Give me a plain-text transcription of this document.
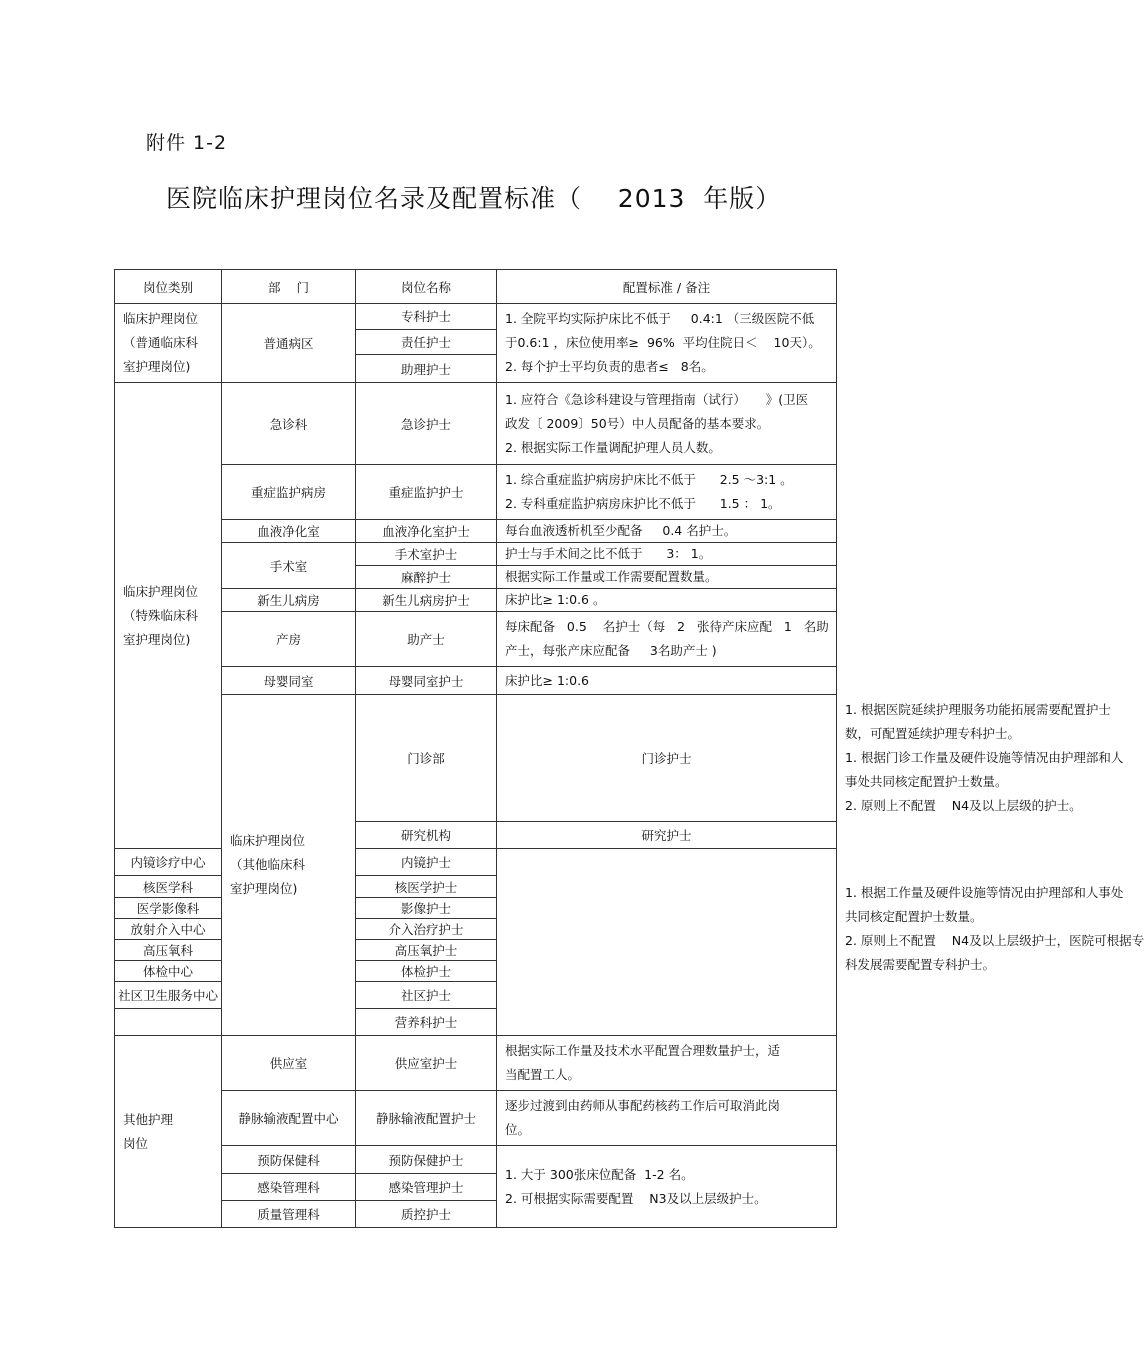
附件 1-2
医院临床护理岗位名录及配置标准（    2013  年版）
岗位类别	部    门	岗位名称	配置标准 / 备注	

临床护理岗位
（普通临床科
室护理岗位)	普通病区	专科护士	1. 全院平均实际护床比不低于     0.4:1 （三级医院不低
于0.6:1 ，床位使用率≥  96%  平均住院日＜    10天）。
2. 每个护士平均负责的患者≤   8名。	

		责任护士		
		助理护士		

临床护理岗位
（特殊临床科
室护理岗位)	急诊科	急诊护士	1. 应符合《急诊科建设与管理指南（试行）     》(卫医
政发〔 2009〕50号）中人员配备的基本要求。
2. 根据实际工作量调配护理人员人数。	

	重症监护病房	重症监护护士	1. 综合重症监护病房护床比不低于      2.5 ～3:1 。
2. 专科重症监护病房床护比不低于      1.5 ： 1。	

	血液净化室	血液净化室护士	每台血液透析机至少配备     0.4 名护士。	

	手术室	手术室护士	护士与手术间之比不低于      3： 1。	

		麻醉护士	根据实际工作量或工作需要配置数量。	

	新生儿病房	新生儿病房护士	床护比≥ 1:0.6 。	

	产房	助产士	每床配备   0.5    名护士（每   2   张待产床应配   1   名助
产士，每张产床应配备     3名助产士 )	

	母婴同室	母婴同室护士	床护比≥ 1:0.6	

	临床护理岗位
（其他临床科
室护理岗位)	门诊部	门诊护士	1. 根据医院延续护理服务功能拓展需要配置护士
数，可配置延续护理专科护士。
1. 根据门诊工作量及硬件设施等情况由护理部和人
事处共同核定配置护士数量。
2. 原则上不配置    N4及以上层级的护士。

		研究机构	研究护士	1. 根据工作量及硬件设施等情况由护理部和人事处
共同核定配置护士数量。
2. 原则上不配置    N4及以上层级护士，医院可根据专
科发展需要配置专科护士。

内镜诊疗中心		内镜护士		
核医学科		核医学护士		
医学影像科		影像护士		
放射介入中心		介入治疗护士		
高压氧科		高压氧护士		
体检中心		体检护士		
社区卫生服务中心		社区护士		
		营养科护士		

其他护理
岗位	供应室	供应室护士	根据实际工作量及技术水平配置合理数量护士，适
当配置工人。	

	静脉输液配置中心	静脉输液配置护士	逐步过渡到由药师从事配药核药工作后可取消此岗
位。	

	预防保健科	预防保健护士	1. 大于 300张床位配备  1-2 名。
2. 可根据实际需要配置    N3及以上层级护士。	

	感染管理科	感染管理护士		
	质量管理科	质控护士		
